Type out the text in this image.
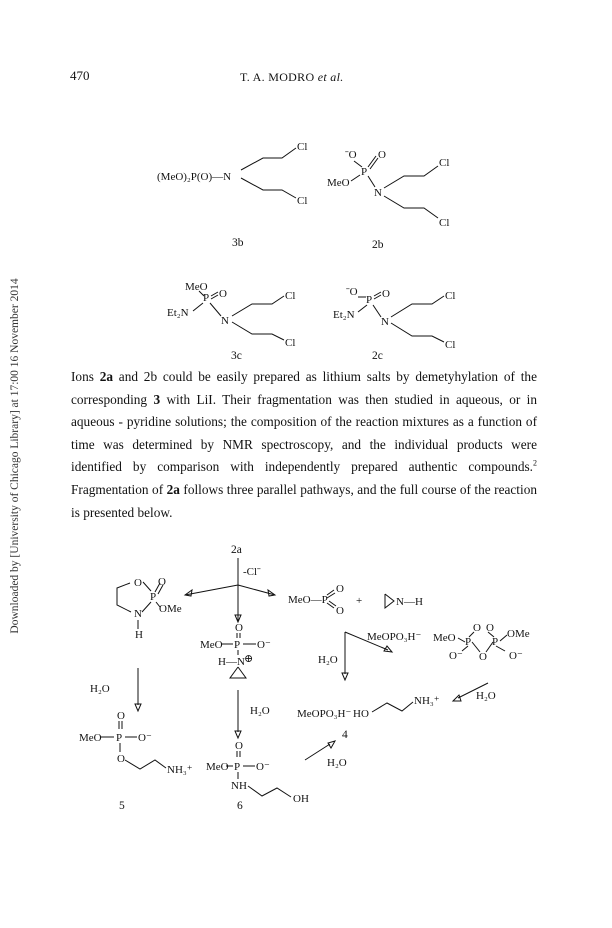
Downloaded by [University of Chicago Library] at 17:00 16 November 2014
470	T. A. MODRO et al.
(MeO)₂P(O)—N
Cl
Cl
3b
ˉO O
P
MeO
N
Cl
Cl
2b
MeO
Et₂N
P O
N
Cl
Cl
3c
ˉO O
Et₂N
P
N
Cl
Cl
2c
2a
-Clˉ
O
P
O
OMe
N
H
MeO—P
O
O
+	N—H
O
MeO P O⁻
H—N ⊕
MeOPO₃H⁻
H₂O
MeO
O O
P P
OMe
O⁻ O O⁻
H₂O
H₂O MeOPO₃H⁻ HO
NH₃⁺
4
H₂O
O
MeO P O⁻
O
NH₃⁺
5
O
MeO P O⁻
NH
OH
6
H₂O

Ions 2a and 2b could be easily prepared as lithium salts by demetyhylation of the corresponding 3 with LiI. Their fragmentation was then studied in aqueous, or in aqueous - pyridine solutions; the composition of the reaction mixtures as a function of time was determined by NMR spectroscopy, and the individual products were identified by comparison with independently prepared authentic compounds.$^2$ Fragmentation of 2a follows three parallel pathways, and the full course of the reaction is presented below.
